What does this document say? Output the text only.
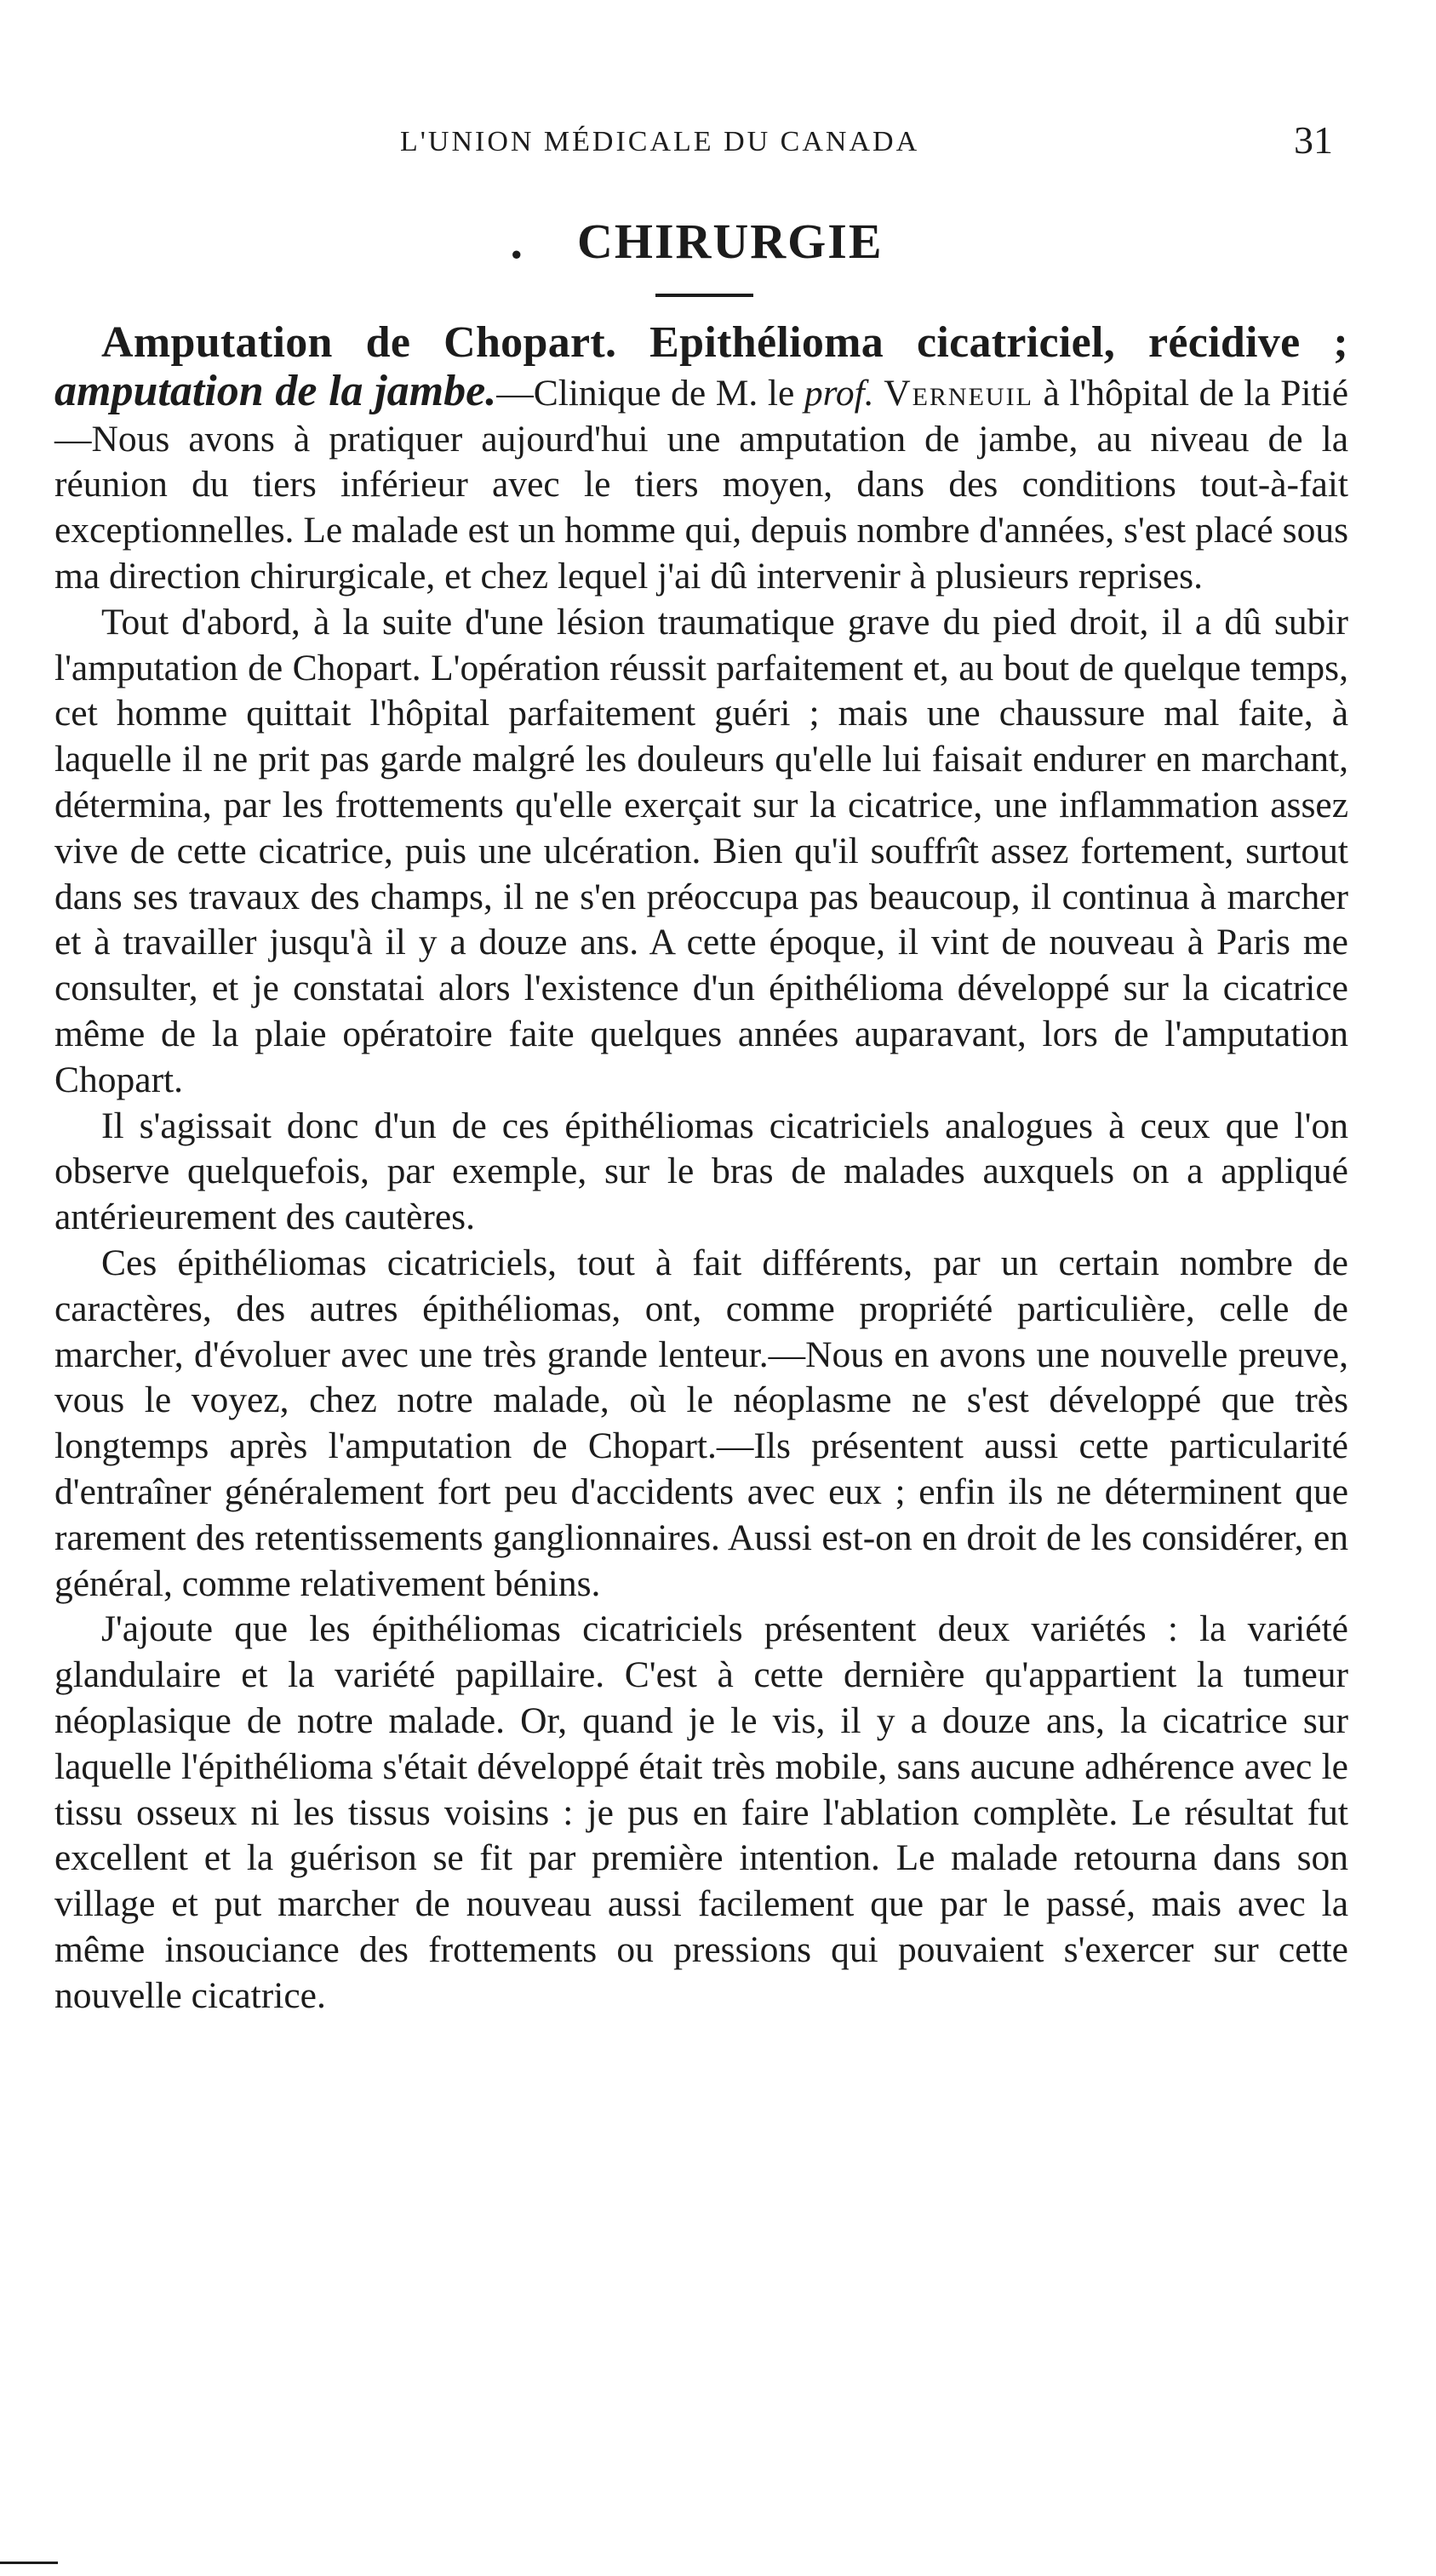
L'UNION MÉDICALE DU CANADA	31
. CHIRURGIE

Amputation de Chopart. Epithélioma cicatriciel, récidive ; amputation de la jambe.—Clinique de M. le prof. Verneuil à l'hôpital de la Pitié —Nous avons à pratiquer aujourd'hui une amputation de jambe, au niveau de la réunion du tiers inférieur avec le tiers moyen, dans des conditions tout-à-fait exceptionnelles. Le malade est un homme qui, depuis nombre d'années, s'est placé sous ma direction chirurgicale, et chez lequel j'ai dû intervenir à plusieurs reprises.

Tout d'abord, à la suite d'une lésion traumatique grave du pied droit, il a dû subir l'amputation de Chopart. L'opération réussit parfaitement et, au bout de quelque temps, cet homme quittait l'hôpital parfaitement guéri ; mais une chaussure mal faite, à laquelle il ne prit pas garde malgré les douleurs qu'elle lui faisait endurer en marchant, détermina, par les frottements qu'elle exerçait sur la cicatrice, une inflammation assez vive de cette cicatrice, puis une ulcération. Bien qu'il souffrît assez fortement, surtout dans ses travaux des champs, il ne s'en préoccupa pas beaucoup, il continua à marcher et à travailler jusqu'à il y a douze ans. A cette époque, il vint de nouveau à Paris me consulter, et je constatai alors l'existence d'un épithélioma développé sur la cicatrice même de la plaie opératoire faite quelques années auparavant, lors de l'amputation Chopart.

Il s'agissait donc d'un de ces épithéliomas cicatriciels analogues à ceux que l'on observe quelquefois, par exemple, sur le bras de malades auxquels on a appliqué antérieurement des cautères.

Ces épithéliomas cicatriciels, tout à fait différents, par un certain nombre de caractères, des autres épithéliomas, ont, comme propriété particulière, celle de marcher, d'évoluer avec une très grande lenteur.—Nous en avons une nouvelle preuve, vous le voyez, chez notre malade, où le néoplasme ne s'est développé que très longtemps après l'amputation de Chopart.—Ils présentent aussi cette particularité d'entraîner généralement fort peu d'accidents avec eux ; enfin ils ne déterminent que rarement des retentissements ganglionnaires. Aussi est-on en droit de les considérer, en général, comme relativement bénins.

J'ajoute que les épithéliomas cicatriciels présentent deux variétés : la variété glandulaire et la variété papillaire. C'est à cette dernière qu'appartient la tumeur néoplasique de notre malade. Or, quand je le vis, il y a douze ans, la cicatrice sur laquelle l'épithélioma s'était développé était très mobile, sans aucune adhérence avec le tissu osseux ni les tissus voisins : je pus en faire l'ablation complète. Le résultat fut excellent et la guérison se fit par première intention. Le malade retourna dans son village et put marcher de nouveau aussi facilement que par le passé, mais avec la même insouciance des frottements ou pressions qui pouvaient s'exercer sur cette nouvelle cicatrice.
